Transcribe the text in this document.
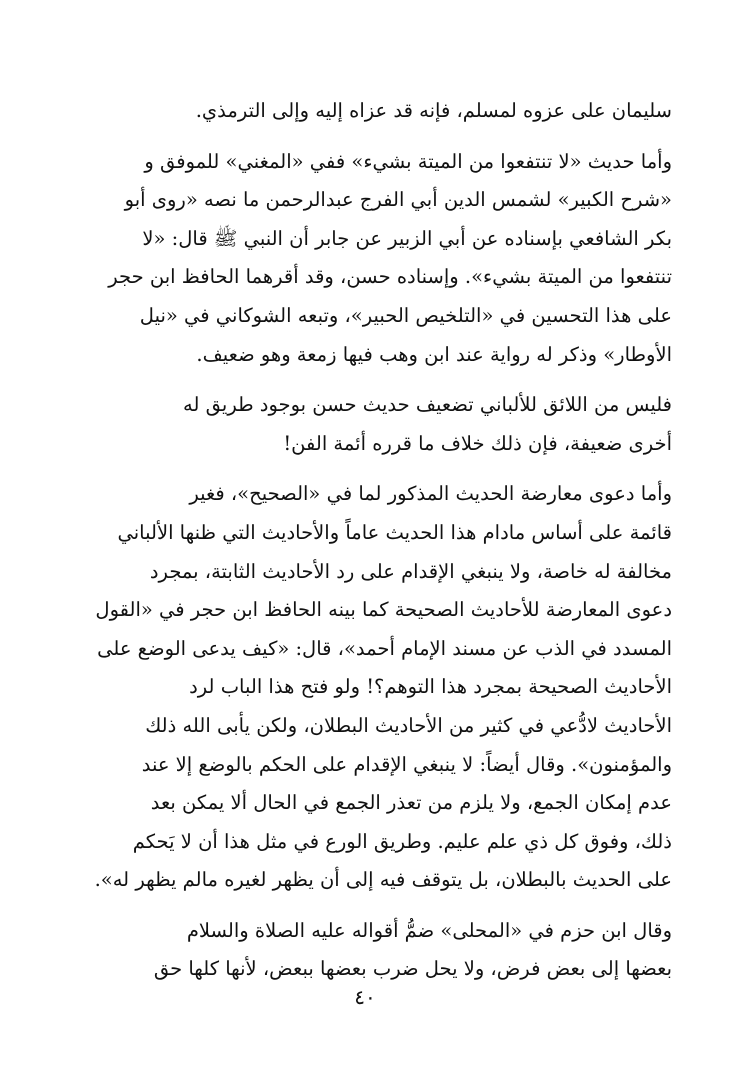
سليمان على عزوه لمسلم، فإنه قد عزاه إليه وإلى الترمذي.
وأما حديث «لا تنتفعوا من الميتة بشيء» ففي «المغني» للموفق و
«شرح الكبير» لشمس الدين أبي الفرج عبدالرحمن ما نصه «روى أبو
بكر الشافعي بإسناده عن أبي الزبير عن جابر أن النبي ﷺ قال: «لا
تنتفعوا من الميتة بشيء». وإسناده حسن، وقد أقرهما الحافظ ابن حجر
على هذا التحسين في «التلخيص الحبير»، وتبعه الشوكاني في «نيل
الأوطار» وذكر له رواية عند ابن وهب فيها زمعة وهو ضعيف.
فليس من اللائق للألباني تضعيف حديث حسن بوجود طريق له
أخرى ضعيفة، فإن ذلك خلاف ما قرره أئمة الفن!
وأما دعوى معارضة الحديث المذكور لما في «الصحيح»، فغير
قائمة على أساس مادام هذا الحديث عاماً والأحاديث التي ظنها الألباني
مخالفة له خاصة، ولا ينبغي الإقدام على رد الأحاديث الثابتة، بمجرد
دعوى المعارضة للأحاديث الصحيحة كما بينه الحافظ ابن حجر في «القول
المسدد في الذب عن مسند الإمام أحمد»، قال: «كيف يدعى الوضع على
الأحاديث الصحيحة بمجرد هذا التوهم؟! ولو فتح هذا الباب لرد
الأحاديث لادُّعي في كثير من الأحاديث البطلان، ولكن يأبى الله ذلك
والمؤمنون». وقال أيضاً: لا ينبغي الإقدام على الحكم بالوضع إلا عند
عدم إمكان الجمع، ولا يلزم من تعذر الجمع في الحال ألا يمكن بعد
ذلك، وفوق كل ذي علم عليم. وطريق الورع في مثل هذا أن لا يَحكم
على الحديث بالبطلان، بل يتوقف فيه إلى أن يظهر لغيره مالم يظهر له».
وقال ابن حزم في «المحلى» ضمُّ أقواله عليه الصلاة والسلام
بعضها إلى بعض فرض، ولا يحل ضرب بعضها ببعض، لأنها كلها حق
٤٠
